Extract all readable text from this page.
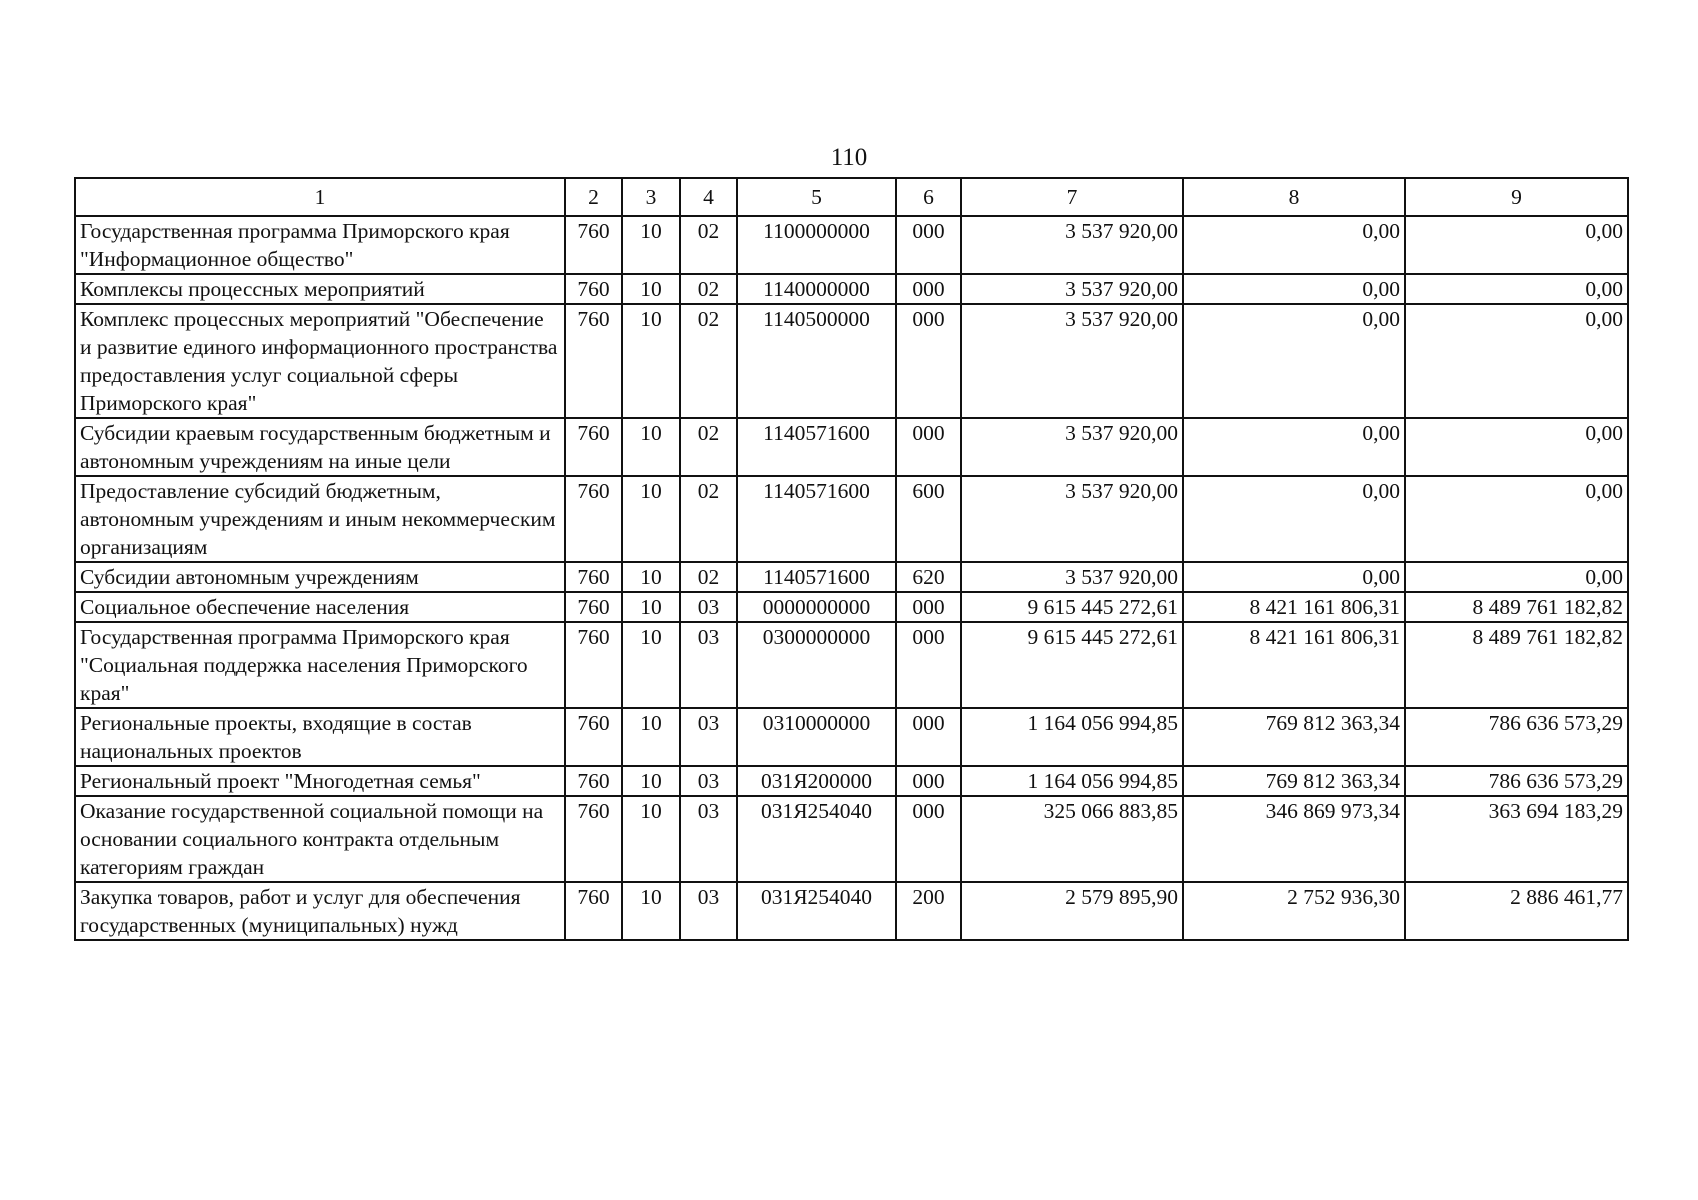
110
1	2	3	4	5	6	7	8	9
Государственная программа Приморского края "Информационное общество"	760	10	02	1100000000	000	3 537 920,00	0,00	0,00
Комплексы процессных мероприятий	760	10	02	1140000000	000	3 537 920,00	0,00	0,00
Комплекс процессных мероприятий "Обеспечение и развитие единого информационного пространства предоставления услуг социальной сферы Приморского края"	760	10	02	1140500000	000	3 537 920,00	0,00	0,00
Субсидии краевым государственным бюджетным и автономным учреждениям на иные цели	760	10	02	1140571600	000	3 537 920,00	0,00	0,00
Предоставление субсидий бюджетным, автономным учреждениям и иным некоммерческим организациям	760	10	02	1140571600	600	3 537 920,00	0,00	0,00
Субсидии автономным учреждениям	760	10	02	1140571600	620	3 537 920,00	0,00	0,00
Социальное обеспечение населения	760	10	03	0000000000	000	9 615 445 272,61	8 421 161 806,31	8 489 761 182,82
Государственная программа Приморского края "Социальная поддержка населения Приморского края"	760	10	03	0300000000	000	9 615 445 272,61	8 421 161 806,31	8 489 761 182,82
Региональные проекты, входящие в состав национальных проектов	760	10	03	0310000000	000	1 164 056 994,85	769 812 363,34	786 636 573,29
Региональный проект "Многодетная семья"	760	10	03	031Я200000	000	1 164 056 994,85	769 812 363,34	786 636 573,29
Оказание государственной социальной помощи на основании социального контракта отдельным категориям граждан	760	10	03	031Я254040	000	325 066 883,85	346 869 973,34	363 694 183,29
Закупка товаров, работ и услуг для обеспечения государственных (муниципальных) нужд	760	10	03	031Я254040	200	2 579 895,90	2 752 936,30	2 886 461,77
